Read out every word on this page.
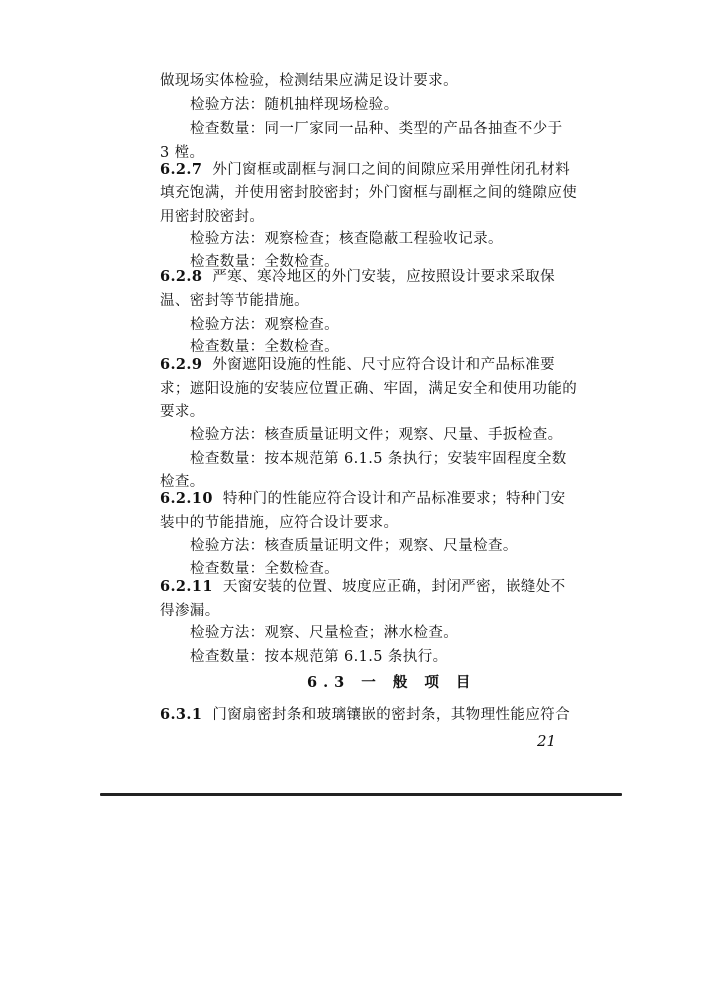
做现场实体检验，检测结果应满足设计要求。
检验方法：随机抽样现场检验。
检查数量：同一厂家同一品种、类型的产品各抽查不少于
3 樘。
6.2.7 外门窗框或副框与洞口之间的间隙应采用弹性闭孔材料
填充饱满，并使用密封胶密封；外门窗框与副框之间的缝隙应使
用密封胶密封。
检验方法：观察检查；核查隐蔽工程验收记录。
检查数量：全数检查。
6.2.8 严寒、寒冷地区的外门安装，应按照设计要求采取保
温、密封等节能措施。
检验方法：观察检查。
检查数量：全数检查。
6.2.9 外窗遮阳设施的性能、尺寸应符合设计和产品标准要
求；遮阳设施的安装应位置正确、牢固，满足安全和使用功能的
要求。
检验方法：核查质量证明文件；观察、尺量、手扳检查。
检查数量：按本规范第 6.1.5 条执行；安装牢固程度全数
检查。
6.2.10 特种门的性能应符合设计和产品标准要求；特种门安
装中的节能措施，应符合设计要求。
检验方法：核查质量证明文件；观察、尺量检查。
检查数量：全数检查。
6.2.11 天窗安装的位置、坡度应正确，封闭严密，嵌缝处不
得渗漏。
检验方法：观察、尺量检查；淋水检查。
检查数量：按本规范第 6.1.5 条执行。
6.3 一 般 项 目
6.3.1 门窗扇密封条和玻璃镶嵌的密封条，其物理性能应符合
21
